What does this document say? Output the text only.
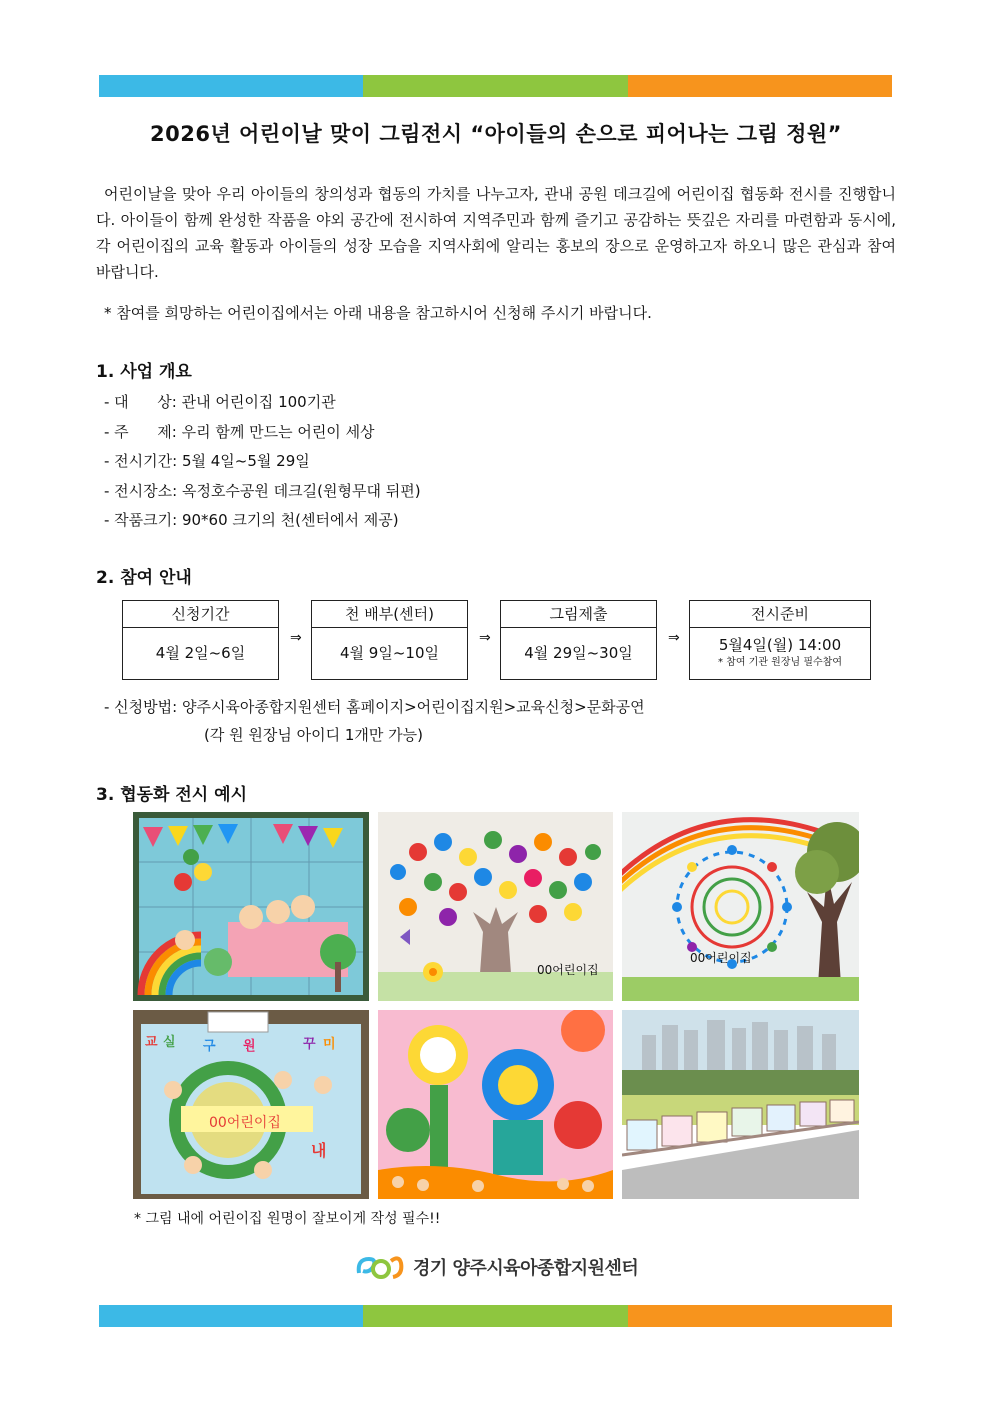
2026년 어린이날 맞이 그림전시 “아이들의 손으로 피어나는 그림 정원”

어린이날을 맞아 우리 아이들의 창의성과 협동의 가치를 나누고자, 관내 공원 데크길에 어린이집 협동화 전시를 진행합니다. 아이들이 함께 완성한 작품을 야외 공간에 전시하여 지역주민과 함께 즐기고 공감하는 뜻깊은 자리를 마련함과 동시에, 각 어린이집의 교육 활동과 아이들의 성장 모습을 지역사회에 알리는 홍보의 장으로 운영하고자 하오니 많은 관심과 참여 바랍니다.

* 참여를 희망하는 어린이집에서는 아래 내용을 참고하시어 신청해 주시기 바랍니다.
1. 사업 개요
- 대      상: 관내 어린이집 100기관
- 주      제: 우리 함께 만드는 어린이 세상
- 전시기간: 5월 4일~5월 29일
- 전시장소: 옥정호수공원 데크길(원형무대 뒤편)
- 작품크기: 90*60 크기의 천(센터에서 제공)
2. 참여 안내
신청기간
4월 2일~6일
⇒
천 배부(센터)
4월 9일~10일
⇒
그림제출
4월 29일~30일
⇒
전시준비
5월4일(월) 14:00
* 참여 기관 원장님 필수참여
- 신청방법: 양주시육아종합지원센터 홈페이지>어린이집지원>교육신청>문화공연
(각 원 원장님 아이디 1개만 가능)
3. 협동화 전시 예시
00어린이집
00어린이집
교 실 구 원	꾸 미
내
00어린이집
* 그림 내에 어린이집 원명이 잘보이게 작성 필수!!
경기 양주시육아종합지원센터
